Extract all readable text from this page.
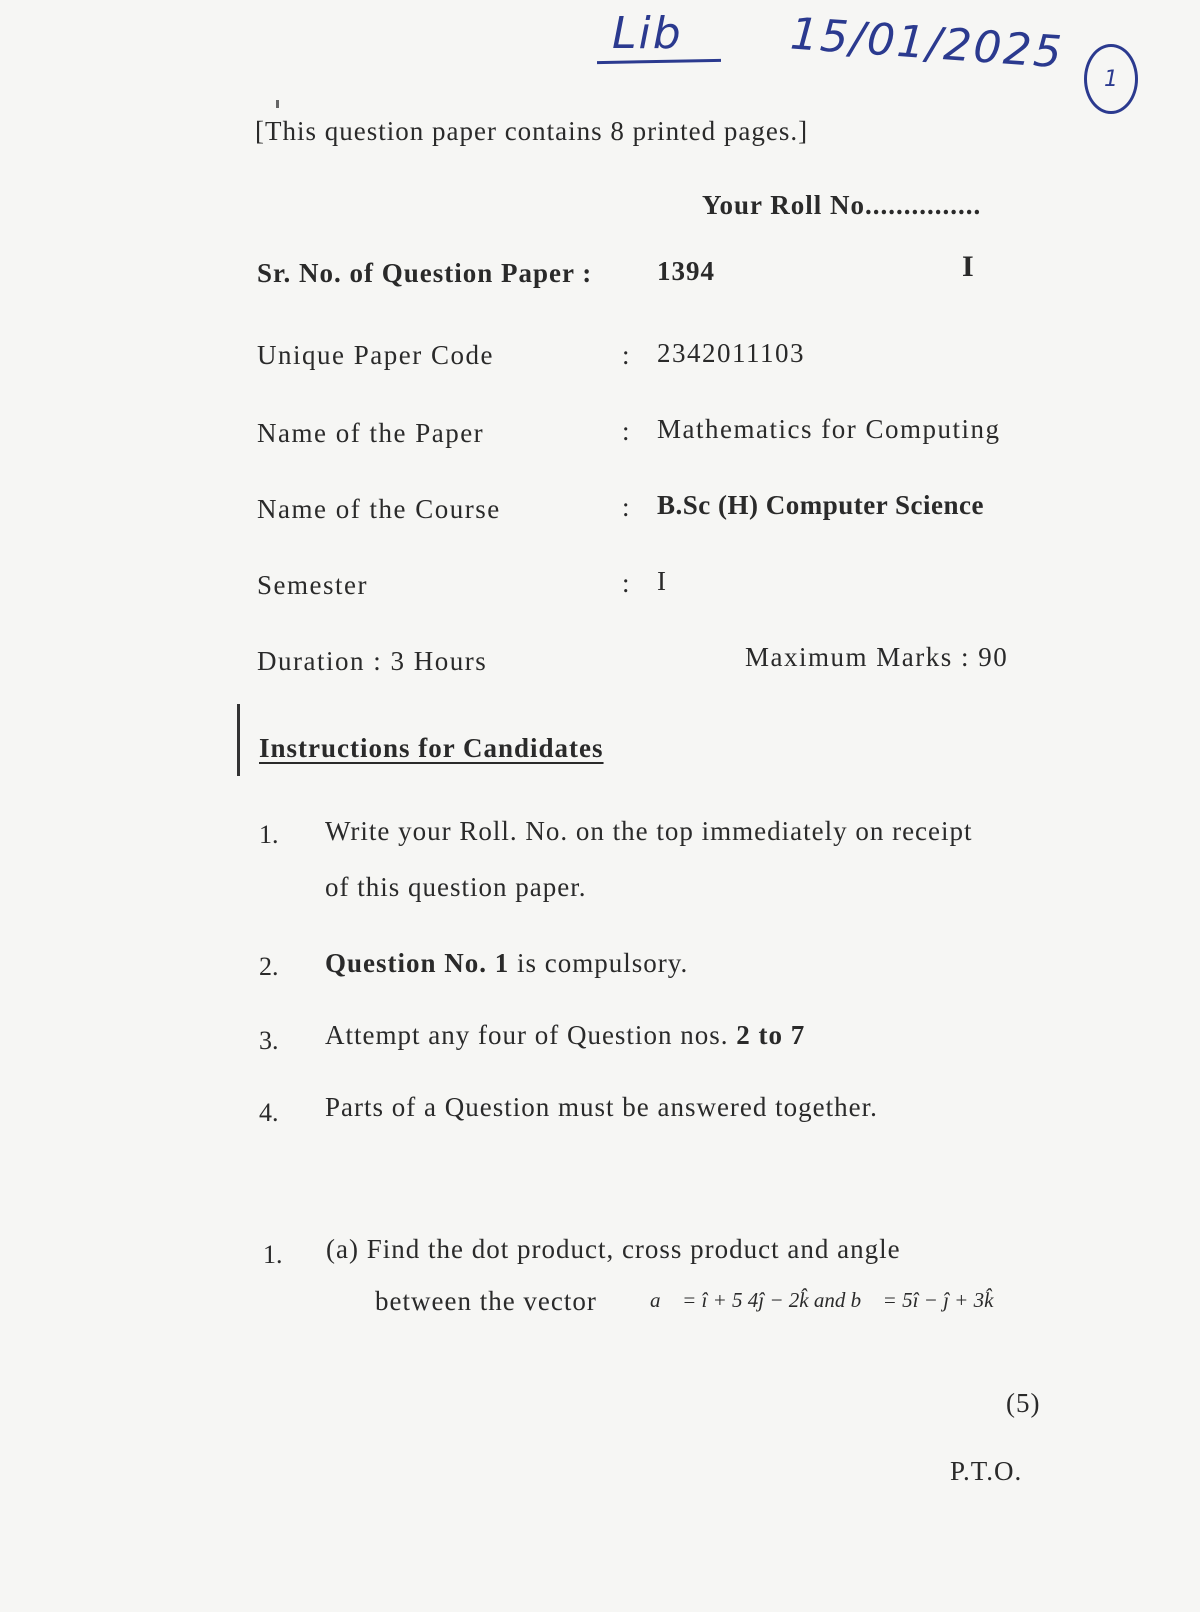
Lib 15/01/2025
1
[This question paper contains 8 printed pages.]
Your Roll No...............
Sr. No. of Question Paper : 1394	I
Unique Paper Code	: 2342011103
Name of the Paper	: Mathematics for Computing
Name of the Course	: B.Sc (H) Computer Science
Semester	: I
Duration : 3 Hours	Maximum Marks : 90
Instructions for Candidates
1. Write your Roll. No. on the top immediately on receipt
of this question paper.
2. Question No. 1 is compulsory.
3. Attempt any four of Question nos. 2 to 7
4. Parts of a Question must be answered together.
1. (a) Find the dot product, cross product and angle
between the vector	a⃗ = î + 5 4ĵ − 2k̂ and b⃗ = 5î − ĵ + 3k̂
(5)
P.T.O.
